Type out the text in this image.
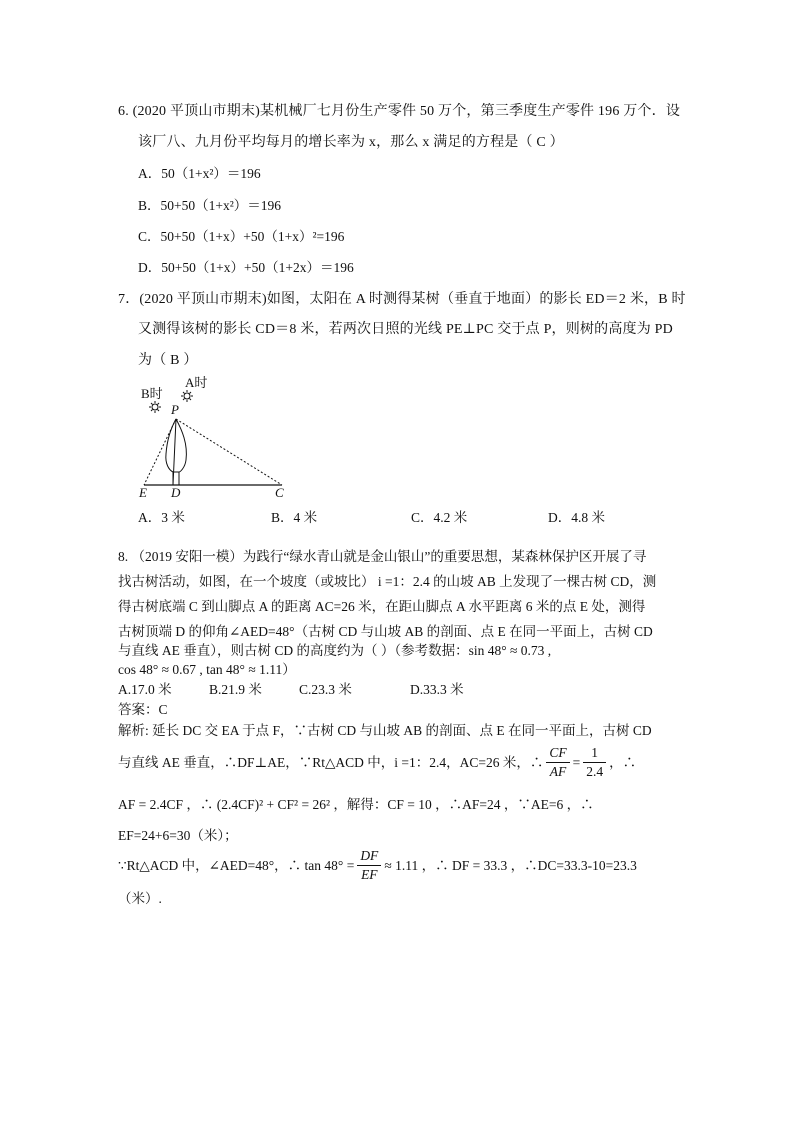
6. (2020 平顶山市期末)某机械厂七月份生产零件 50 万个，第三季度生产零件 196 万个．设
该厂八、九月份平均每月的增长率为 x，那么 x 满足的方程是（ C ）
A．50（1+x²）＝196
B．50+50（1+x²）＝196
C．50+50（1+x）+50（1+x）²=196
D．50+50（1+x）+50（1+2x）＝196
7．(2020 平顶山市期末)如图，太阳在 A 时测得某树（垂直于地面）的影长 ED＝2 米，B 时
又测得该树的影长 CD＝8 米，若两次日照的光线 PE⊥PC 交于点 P，则树的高度为 PD
为（ B ）
B时
A时
P
E D	C
A．3 米	B．4 米	C．4.2 米	D．4.8 米
8. （2019 安阳一模）为践行“绿水青山就是金山银山”的重要思想，某森林保护区开展了寻
找古树活动，如图，在一个坡度（或坡比） i =1：2.4 的山坡 AB 上发现了一棵古树 CD，测
得古树底端 C 到山脚点 A 的距离 AC=26 米，在距山脚点 A 水平距离 6 米的点 E 处，测得
古树顶端 D 的仰角∠AED=48°（古树 CD 与山坡 AB 的剖面、点 E 在同一平面上，古树 CD
与直线 AE 垂直），则古树 CD 的高度约为（ ）（参考数据：sin 48° ≈ 0.73 ,
cos 48° ≈ 0.67 , tan 48° ≈ 1.11）
A.17.0 米	B.21.9 米	C.23.3 米	D.33.3 米
答案：C
解析: 延长 DC 交 EA 于点 F，∵古树 CD 与山坡 AB 的剖面、点 E 在同一平面上，古树 CD
与直线 AE 垂直，∴DF⊥AE，∵Rt△ACD 中，i =1：2.4，AC=26 米，∴ $\frac{CF}{AF} = \frac{1}{2.4}$ ，∴
AF = 2.4CF ，∴ (2.4CF)² + CF² = 26² ，解得：CF = 10 ，∴AF=24 ，∵AE=6 ，∴
EF=24+6=30（米）；
∵Rt△ACD 中，∠AED=48°，∴ $\tan 48^\circ = \frac{DF}{EF} \approx 1.11$ ，∴ DF = 33.3 ，∴DC=33.3-10=23.3
（米）.
